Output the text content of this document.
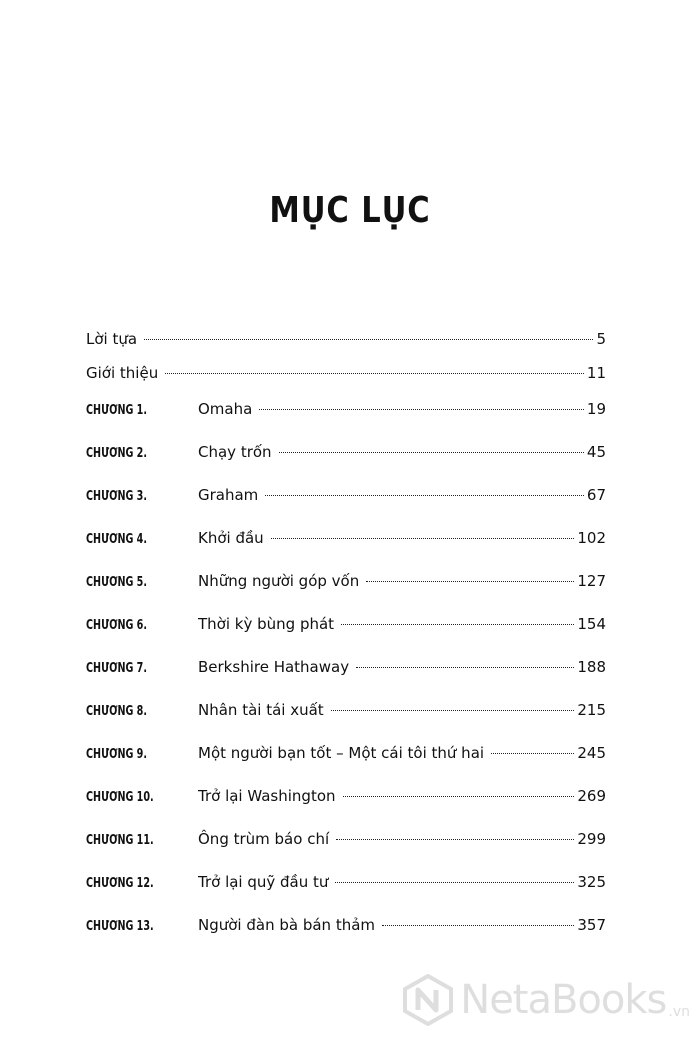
MỤC LỤC
Lời tựa	5
Giới thiệu	11
CHƯƠNG 1.	Omaha	19
CHƯƠNG 2.	Chạy trốn	45
CHƯƠNG 3.	Graham	67
CHƯƠNG 4.	Khởi đầu	102
CHƯƠNG 5.	Những người góp vốn	127
CHƯƠNG 6.	Thời kỳ bùng phát	154
CHƯƠNG 7.	Berkshire Hathaway	188
CHƯƠNG 8.	Nhân tài tái xuất	215
CHƯƠNG 9.	Một người bạn tốt – Một cái tôi thứ hai	245
CHƯƠNG 10.	Trở lại Washington	269
CHƯƠNG 11.	Ông trùm báo chí	299
CHƯƠNG 12.	Trở lại quỹ đầu tư	325
CHƯƠNG 13.	Người đàn bà bán thảm	357
NetaBooks .vn
